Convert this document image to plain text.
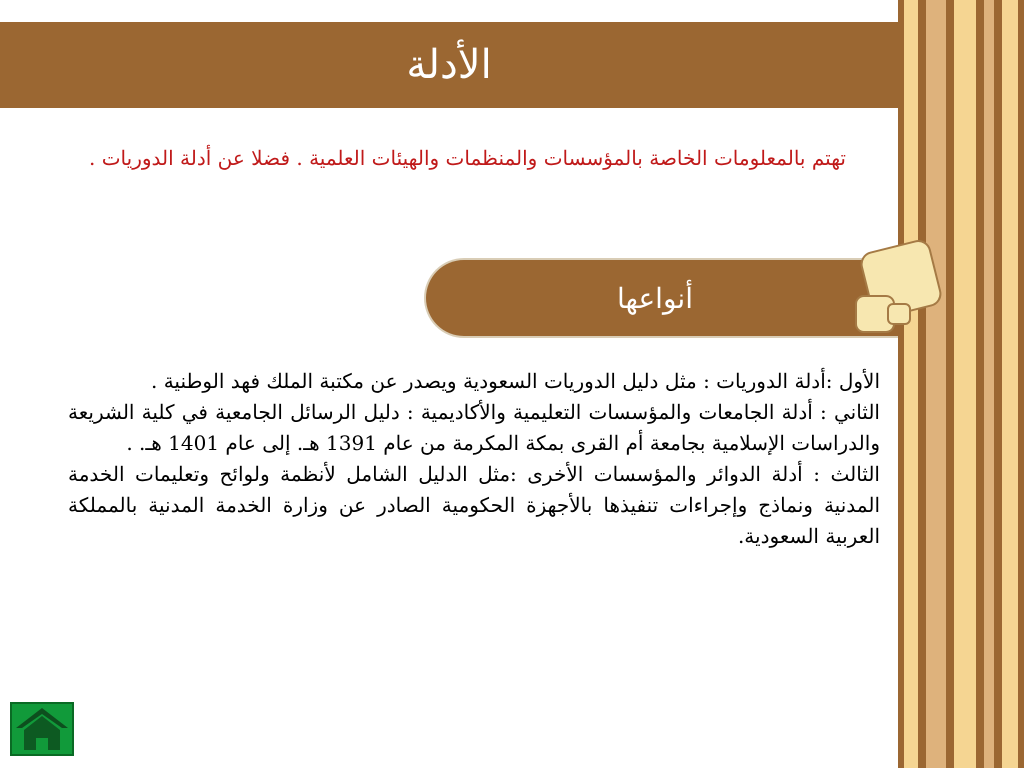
الأدلة
تهتم بالمعلومات الخاصة بالمؤسسات والمنظمات والهيئات العلمية . فضلا عن أدلة الدوريات .
أنواعها

الأول :أدلة الدوريات : مثل دليل الدوريات السعودية ويصدر عن مكتبة الملك فهد الوطنية .

الثاني : أدلة الجامعات والمؤسسات التعليمية والأكاديمية : دليل الرسائل الجامعية في كلية الشريعة والدراسات الإسلامية بجامعة أم القرى بمكة المكرمة من عام 1391 هـ. إلى عام 1401 هـ. .

الثالث : أدلة الدوائر والمؤسسات الأخرى :مثل الدليل الشامل لأنظمة ولوائح وتعليمات الخدمة المدنية ونماذج وإجراءات تنفيذها بالأجهزة الحكومية الصادر عن وزارة الخدمة المدنية بالمملكة العربية السعودية.
